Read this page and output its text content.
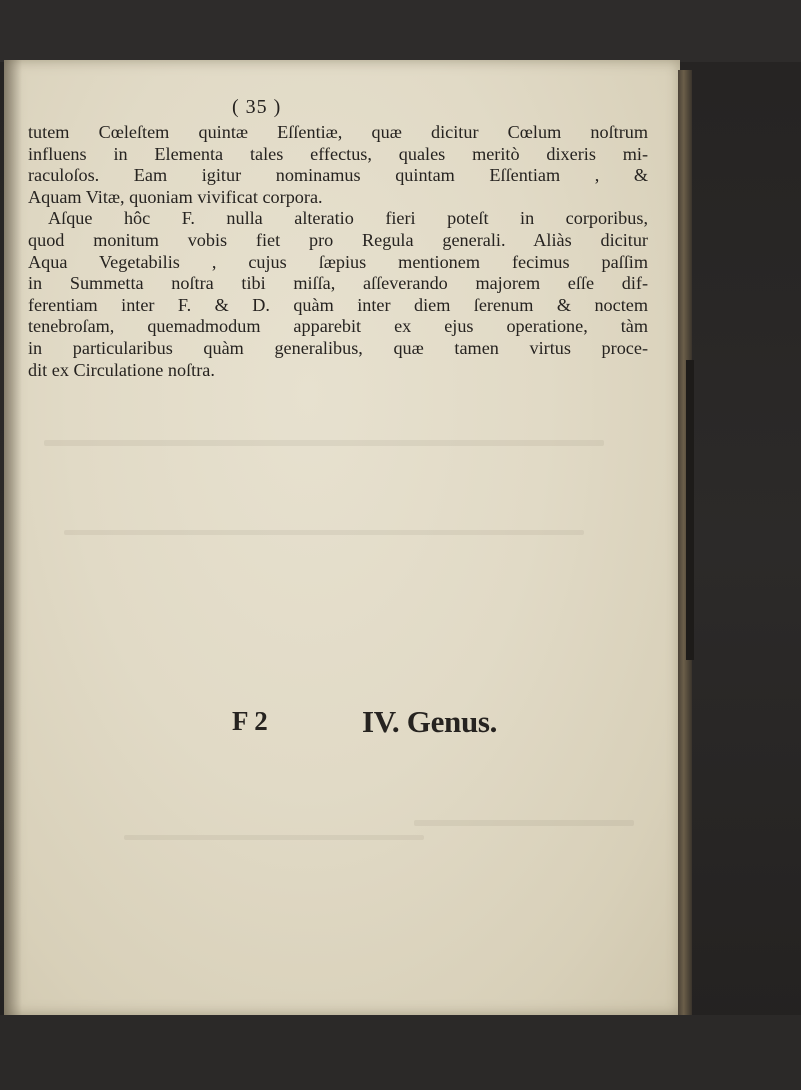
( 35 )
tutem Cœleſtem quintæ Eſſentiæ, quæ dicitur Cœlum noſtrum
influens in Elementa tales effectus, quales meritò dixeris mi-
raculoſos. Eam igitur nominamus quintam Eſſentiam , &
Aquam Vitæ, quoniam vivificat corpora.
Aſque hôc F. nulla alteratio fieri poteſt in corporibus,
quod monitum vobis fiet pro Regula generali. Aliàs dicitur
Aqua Vegetabilis , cujus ſæpius mentionem fecimus paſſim
in Summetta noſtra tibi miſſa, aſſeverando majorem eſſe dif-
ferentiam inter F. & D. quàm inter diem ſerenum & noctem
tenebroſam, quemadmodum apparebit ex ejus operatione, tàm
in particularibus quàm generalibus, quæ tamen virtus proce-
dit ex Circulatione noſtra.
F 2	IV. Genus.
